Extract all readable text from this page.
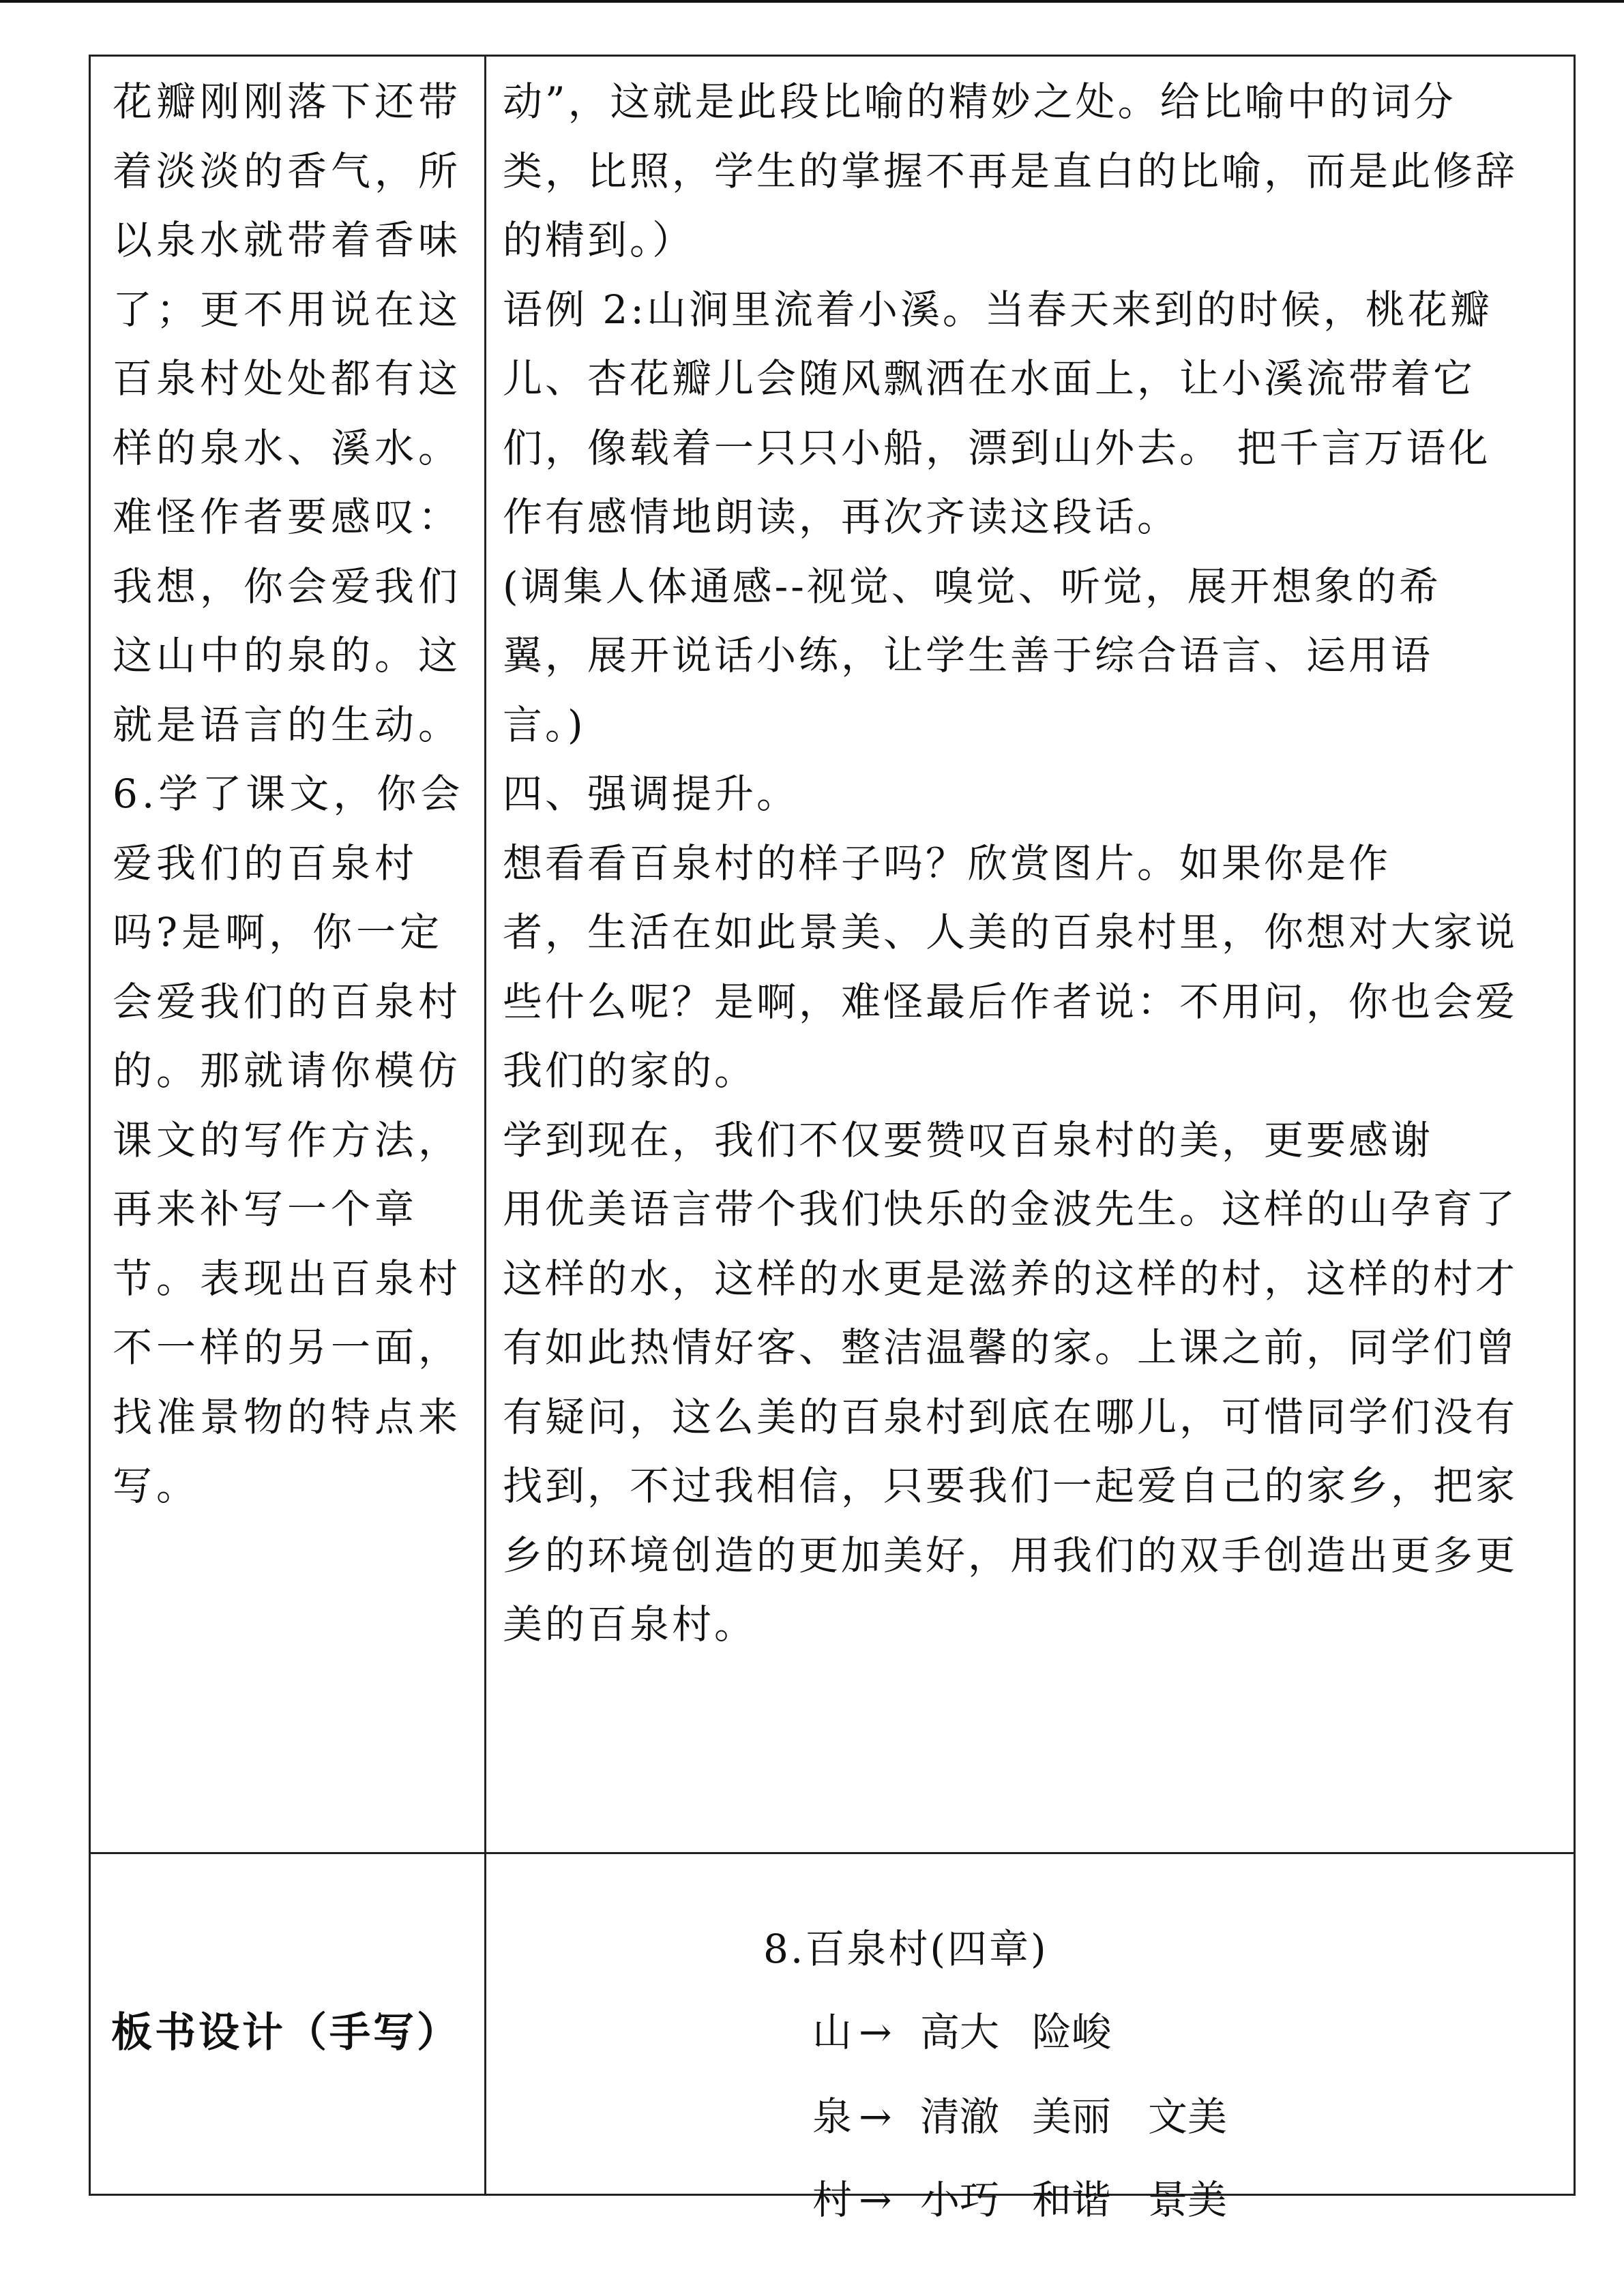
花瓣刚刚落下还带
着淡淡的香气，所
以泉水就带着香味
了；更不用说在这
百泉村处处都有这
样的泉水、溪水。
难怪作者要感叹：
我想，你会爱我们
这山中的泉的。这
就是语言的生动。
6.学了课文，你会
爱我们的百泉村
吗?是啊，你一定
会爱我们的百泉村
的。那就请你模仿
课文的写作方法，
再来补写一个章
节。表现出百泉村
不一样的另一面，
找准景物的特点来
写。
动”，这就是此段比喻的精妙之处。给比喻中的词分
类，比照，学生的掌握不再是直白的比喻，而是此修辞
的精到。）
语例 2:山涧里流着小溪。当春天来到的时候，桃花瓣
儿、杏花瓣儿会随风飘洒在水面上，让小溪流带着它
们，像载着一只只小船，漂到山外去。 把千言万语化
作有感情地朗读，再次齐读这段话。
(调集人体通感--视觉、嗅觉、听觉，展开想象的希
翼，展开说话小练，让学生善于综合语言、运用语
言。)
四、强调提升。
想看看百泉村的样子吗？欣赏图片。如果你是作
者，生活在如此景美、人美的百泉村里，你想对大家说
些什么呢？是啊，难怪最后作者说：不用问，你也会爱
我们的家的。
学到现在，我们不仅要赞叹百泉村的美，更要感谢
用优美语言带个我们快乐的金波先生。这样的山孕育了
这样的水，这样的水更是滋养的这样的村，这样的村才
有如此热情好客、整洁温馨的家。上课之前，同学们曾
有疑问，这么美的百泉村到底在哪儿，可惜同学们没有
找到，不过我相信，只要我们一起爱自己的家乡，把家
乡的环境创造的更加美好，用我们的双手创造出更多更
美的百泉村。
板书设计（手写）
8.百泉村(四章)
山 → 高大 险峻
泉 → 清澈 美丽 文美
村 → 小巧 和谐 景美
